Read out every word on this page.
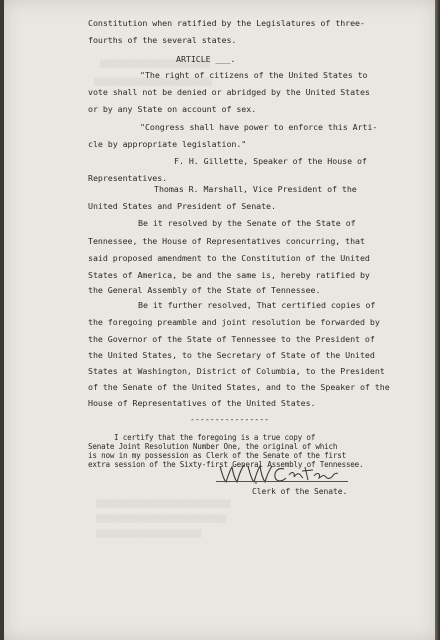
▒▒▒▒▒▒▒▒▒▒▒▒▒▒▒▒▒▒▒▒▒▒▒▒▒▒
▒▒▒▒▒▒▒▒▒▒▒▒▒▒▒▒▒▒▒▒▒▒▒▒▒▒▒▒
▒▒▒▒▒▒▒▒▒▒▒▒▒▒▒▒▒▒▒▒▒▒▒▒▒▒▒▒▒▒▒▒
▒▒▒▒▒▒▒▒▒▒▒▒▒▒▒▒▒▒▒▒▒▒▒▒▒▒▒▒▒▒▒
▒▒▒▒▒▒▒▒▒▒▒▒▒▒▒▒▒▒▒▒▒▒▒▒▒
Constitution when ratified by the Legislatures of three-
fourths of the several states.
ARTICLE ___.
"The right of citizens of the United States to
vote shall not be denied or abridged by the United States
or by any State on account of sex.
"Congress shall have power to enforce this Arti-
cle by appropriate legislation."
F. H. Gillette, Speaker of the House of
Representatives.
Thomas R. Marshall, Vice President of the
United States and President of Senate.
Be it resolved by the Senate of the State of
Tennessee, the House of Representatives concurring, that
said proposed amendment to the Constitution of the United
States of America, be and the same is, hereby ratified by
the General Assembly of the State of Tennessee.
Be it further resolved, That certified copies of
the foregoing preamble and joint resolution be forwarded by
the Governor of the State of Tennessee to the President of
the United States, to the Secretary of State of the United
States at Washington, District of Columbia, to the President
of the Senate of the United States, and to the Speaker of the
House of Representatives of the United States.
----------------
I certify that the foregoing is a true copy of
Senate Joint Resolution Number One, the original of which
is now in my possession as Clerk of the Senate of the first
extra session of the Sixty-first General Assembly of Tennessee.
Clerk of the Senate.
